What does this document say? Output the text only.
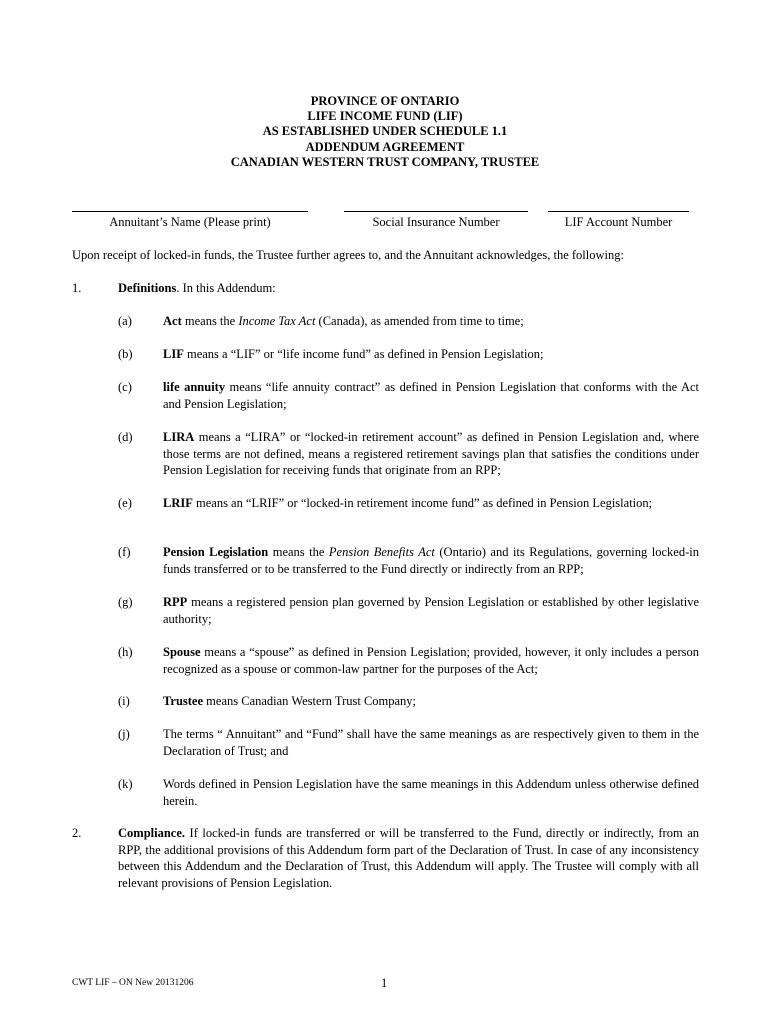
PROVINCE OF ONTARIO
LIFE INCOME FUND (LIF)
AS ESTABLISHED UNDER SCHEDULE 1.1
ADDENDUM AGREEMENT
CANADIAN WESTERN TRUST COMPANY, TRUSTEE
Annuitant’s Name (Please print)	Social Insurance Number	LIF Account Number
Upon receipt of locked-in funds, the Trustee further agrees to, and the Annuitant acknowledges, the following:
1.	Definitions. In this Addendum:
(a) Act means the Income Tax Act (Canada), as amended from time to time;
(b) LIF means a “LIF” or “life income fund” as defined in Pension Legislation;
(c) life annuity means “life annuity contract” as defined in Pension Legislation that conforms with the Act and Pension Legislation;
(d) LIRA means a “LIRA” or “locked-in retirement account” as defined in Pension Legislation and, where those terms are not defined, means a registered retirement savings plan that satisfies the conditions under Pension Legislation for receiving funds that originate from an RPP;
(e) LRIF means an “LRIF” or “locked-in retirement income fund” as defined in Pension Legislation;
(f)	Pension Legislation means the Pension Benefits Act (Ontario) and its Regulations, governing locked-in funds transferred or to be transferred to the Fund directly or indirectly from an RPP;
(g) RPP means a registered pension plan governed by Pension Legislation or established by other legislative authority;
(h) Spouse means a “spouse” as defined in Pension Legislation; provided, however, it only includes a person recognized as a spouse or common-law partner for the purposes of the Act;
(i)	Trustee means Canadian Western Trust Company;
(j)	The terms “ Annuitant” and “Fund” shall have the same meanings as are respectively given to them in the Declaration of Trust; and
(k) Words defined in Pension Legislation have the same meanings in this Addendum unless otherwise defined herein.
2.	Compliance. If locked-in funds are transferred or will be transferred to the Fund, directly or indirectly, from an RPP, the additional provisions of this Addendum form part of the Declaration of Trust. In case of any inconsistency between this Addendum and the Declaration of Trust, this Addendum will apply. The Trustee will comply with all relevant provisions of Pension Legislation.
CWT LIF – ON New 20131206	1
